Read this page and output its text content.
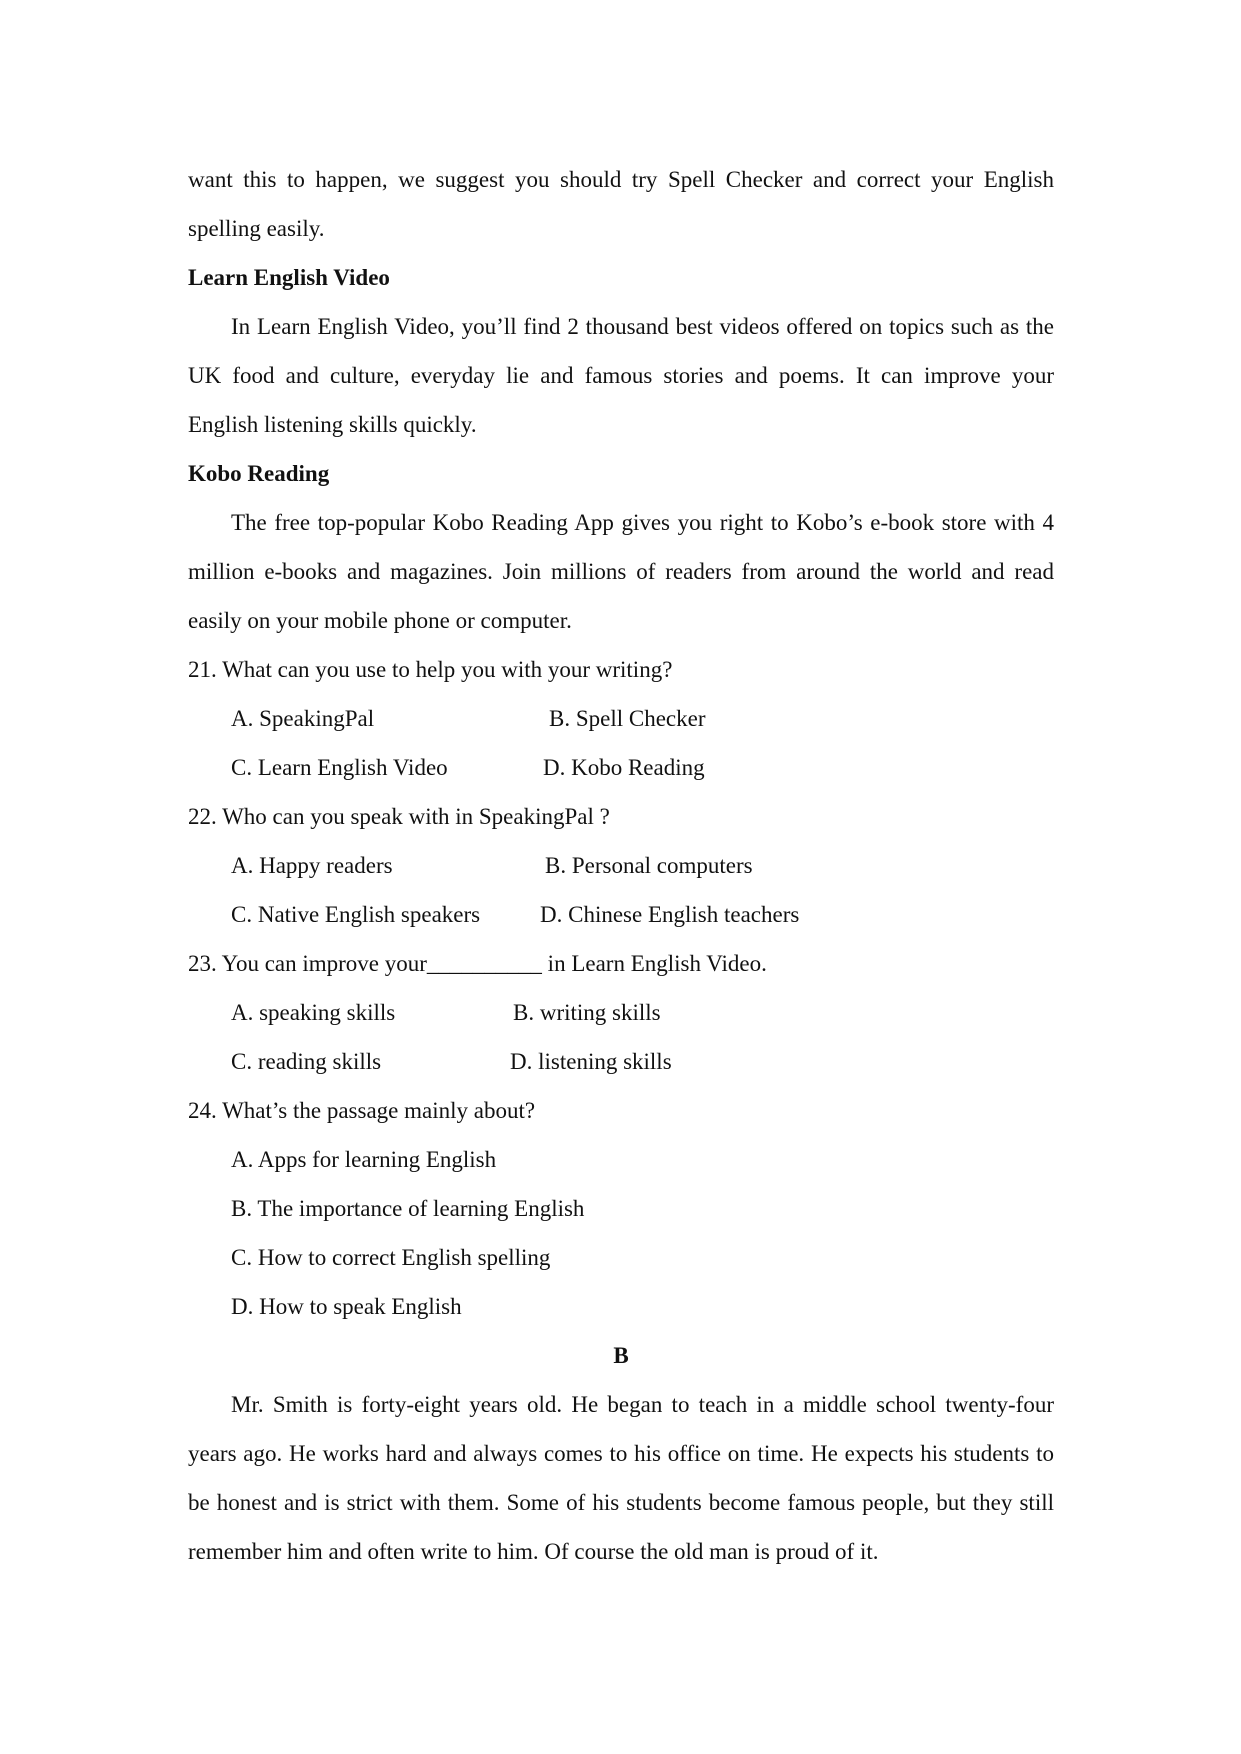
want this to happen, we suggest you should try Spell Checker and correct your English spelling easily.

Learn English Video

In Learn English Video, you’ll find 2 thousand best videos offered on topics such as the UK food and culture, everyday lie and famous stories and poems. It can improve your English listening skills quickly.

Kobo Reading

The free top-popular Kobo Reading App gives you right to Kobo’s e-book store with 4 million e-books and magazines. Join millions of readers from around the world and read easily on your mobile phone or computer.

21. What can you use to help you with your writing?

A. SpeakingPal	B. Spell Checker
C. Learn English Video	D. Kobo Reading

22. Who can you speak with in SpeakingPal ?

A. Happy readers	B. Personal computers
C. Native English speakers	D. Chinese English teachers

23. You can improve your__________ in Learn English Video.

A. speaking skills	B. writing skills
C. reading skills	D. listening skills

24. What’s the passage mainly about?

A. Apps for learning English

B. The importance of learning English

C. How to correct English spelling

D. How to speak English

B

Mr. Smith is forty-eight years old. He began to teach in a middle school twenty-four years ago. He works hard and always comes to his office on time. He expects his students to be honest and is strict with them. Some of his students become famous people, but they still remember him and often write to him. Of course the old man is proud of it.
